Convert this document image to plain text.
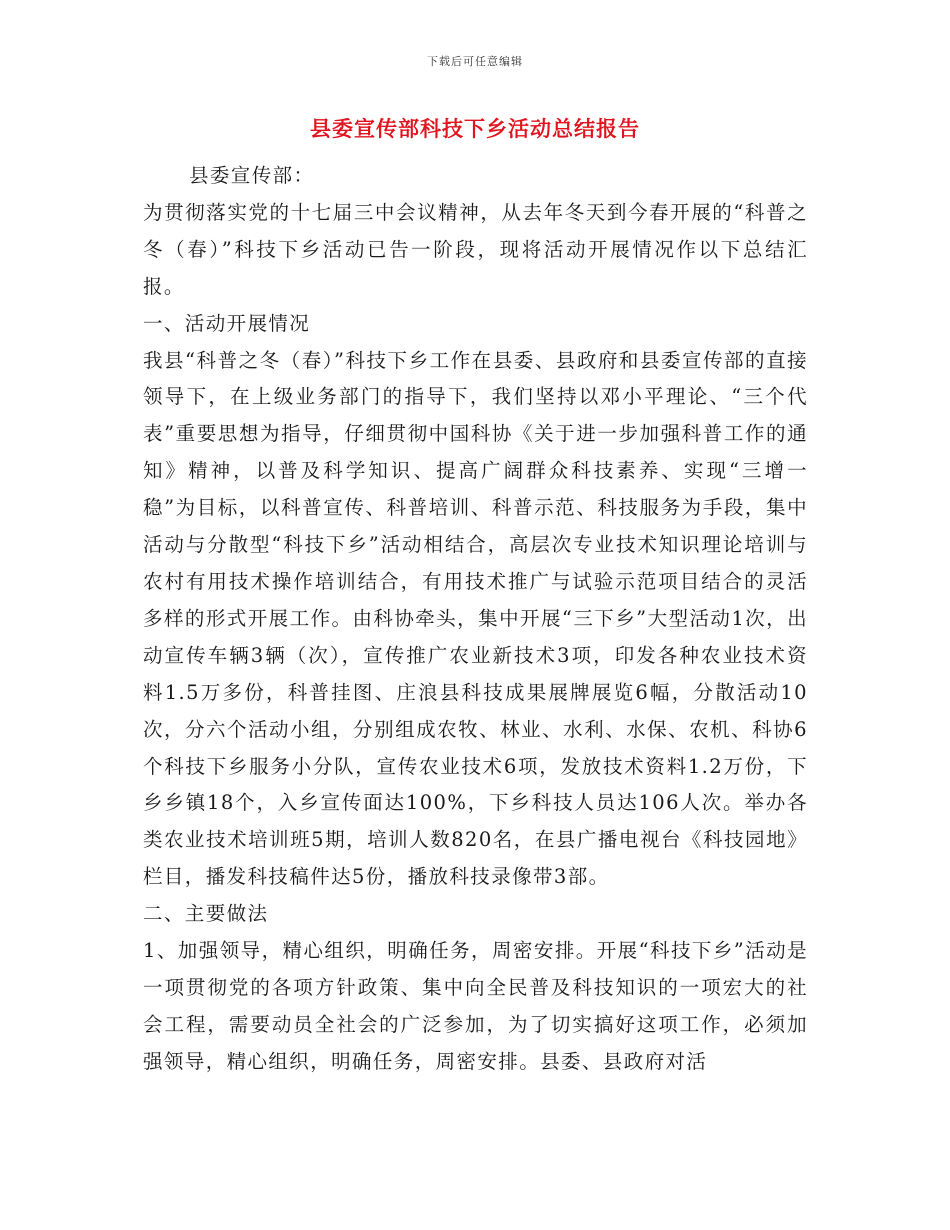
下载后可任意编辑
县委宣传部科技下乡活动总结报告

县委宣传部：

为贯彻落实党的十七届三中会议精神，从去年冬天到今春开展的“科普之冬（春）”科技下乡活动已告一阶段，现将活动开展情况作以下总结汇报。

一、活动开展情况

我县“科普之冬（春）”科技下乡工作在县委、县政府和县委宣传部的直接领导下，在上级业务部门的指导下，我们坚持以邓小平理论、“三个代表”重要思想为指导，仔细贯彻中国科协《关于进一步加强科普工作的通知》精神，以普及科学知识、提高广阔群众科技素养、实现“三增一稳”为目标，以科普宣传、科普培训、科普示范、科技服务为手段，集中活动与分散型“科技下乡”活动相结合，高层次专业技术知识理论培训与农村有用技术操作培训结合，有用技术推广与试验示范项目结合的灵活多样的形式开展工作。由科协牵头，集中开展“三下乡”大型活动1次，出动宣传车辆3辆（次），宣传推广农业新技术3项，印发各种农业技术资料1.5万多份，科普挂图、庄浪县科技成果展牌展览6幅，分散活动10次，分六个活动小组，分别组成农牧、林业、水利、水保、农机、科协6个科技下乡服务小分队，宣传农业技术6项，发放技术资料1.2万份，下乡乡镇18个，入乡宣传面达100%，下乡科技人员达106人次。举办各类农业技术培训班5期，培训人数820名，在县广播电视台《科技园地》栏目，播发科技稿件达5份，播放科技录像带3部。

二、主要做法

1、加强领导，精心组织，明确任务，周密安排。开展“科技下乡”活动是一项贯彻党的各项方针政策、集中向全民普及科技知识的一项宏大的社会工程，需要动员全社会的广泛参加，为了切实搞好这项工作，必须加强领导，精心组织，明确任务，周密安排。县委、县政府对活
